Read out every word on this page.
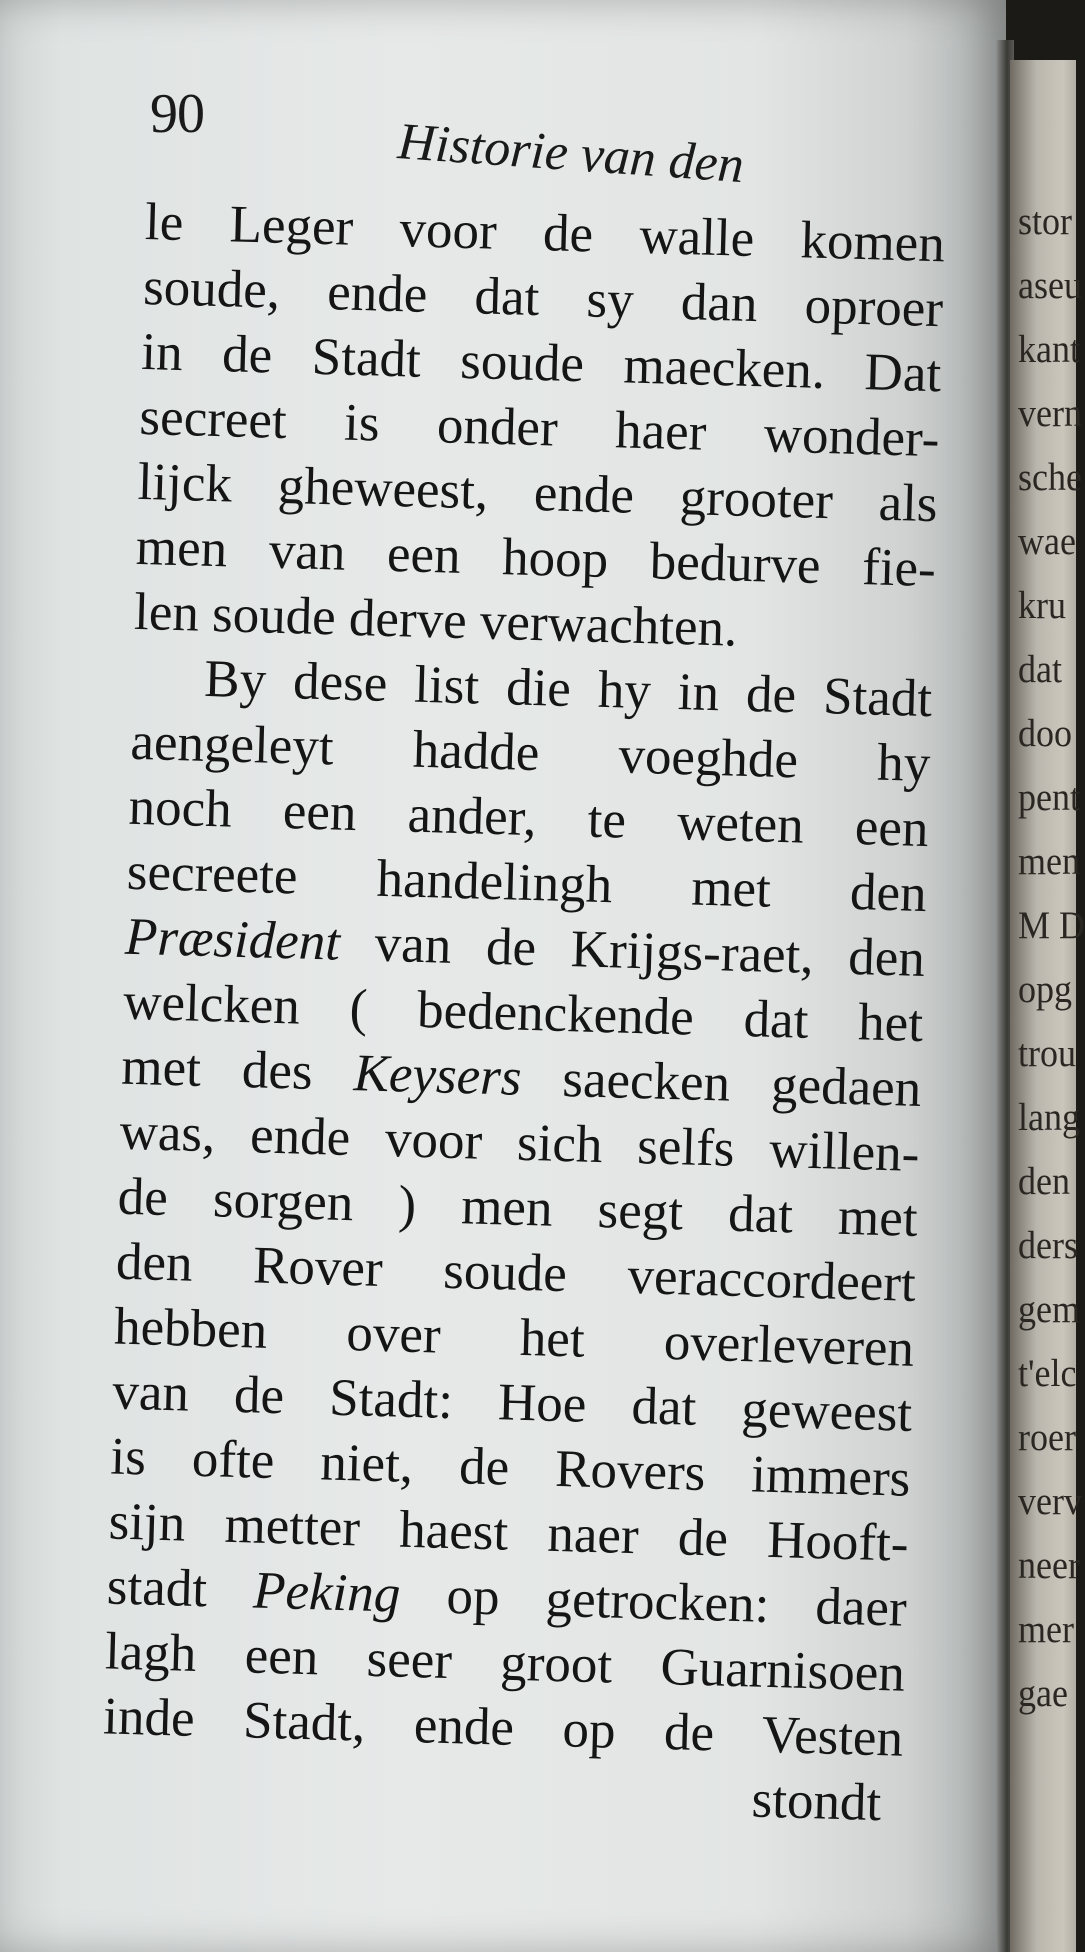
90	Historie van den
le Leger voor de walle komen
soude, ende dat sy dan oproer
in de Stadt soude maecken. Dat
secreet is onder haer wonder-
lijck gheweest, ende grooter als
men van een hoop bedurve fie-
len soude derve verwachten.
By dese list die hy in de Stadt
aengeleyt hadde voeghde hy
noch een ander, te weten een
secreete handelingh met den
Præsident van de Krijgs-raet, den
welcken ( bedenckende dat het
met des Keysers saecken gedaen
was, ende voor sich selfs willen-
de sorgen ) men segt dat met
den Rover soude veraccordeert
hebben over het overleveren
van de Stadt: Hoe dat geweest
is ofte niet, de Rovers immers
sijn metter haest naer de Hooft-
stadt Peking op getrocken: daer
lagh een seer groot Guarnisoen
inde Stadt, ende op de Vesten
stondt
stor
aseu
kant
vern
sche
wae
kru
dat
doo
pent
men
M D
opg
trou
lang
den
ders
gem
t'elc
roer
verv
neer
mer
gae
